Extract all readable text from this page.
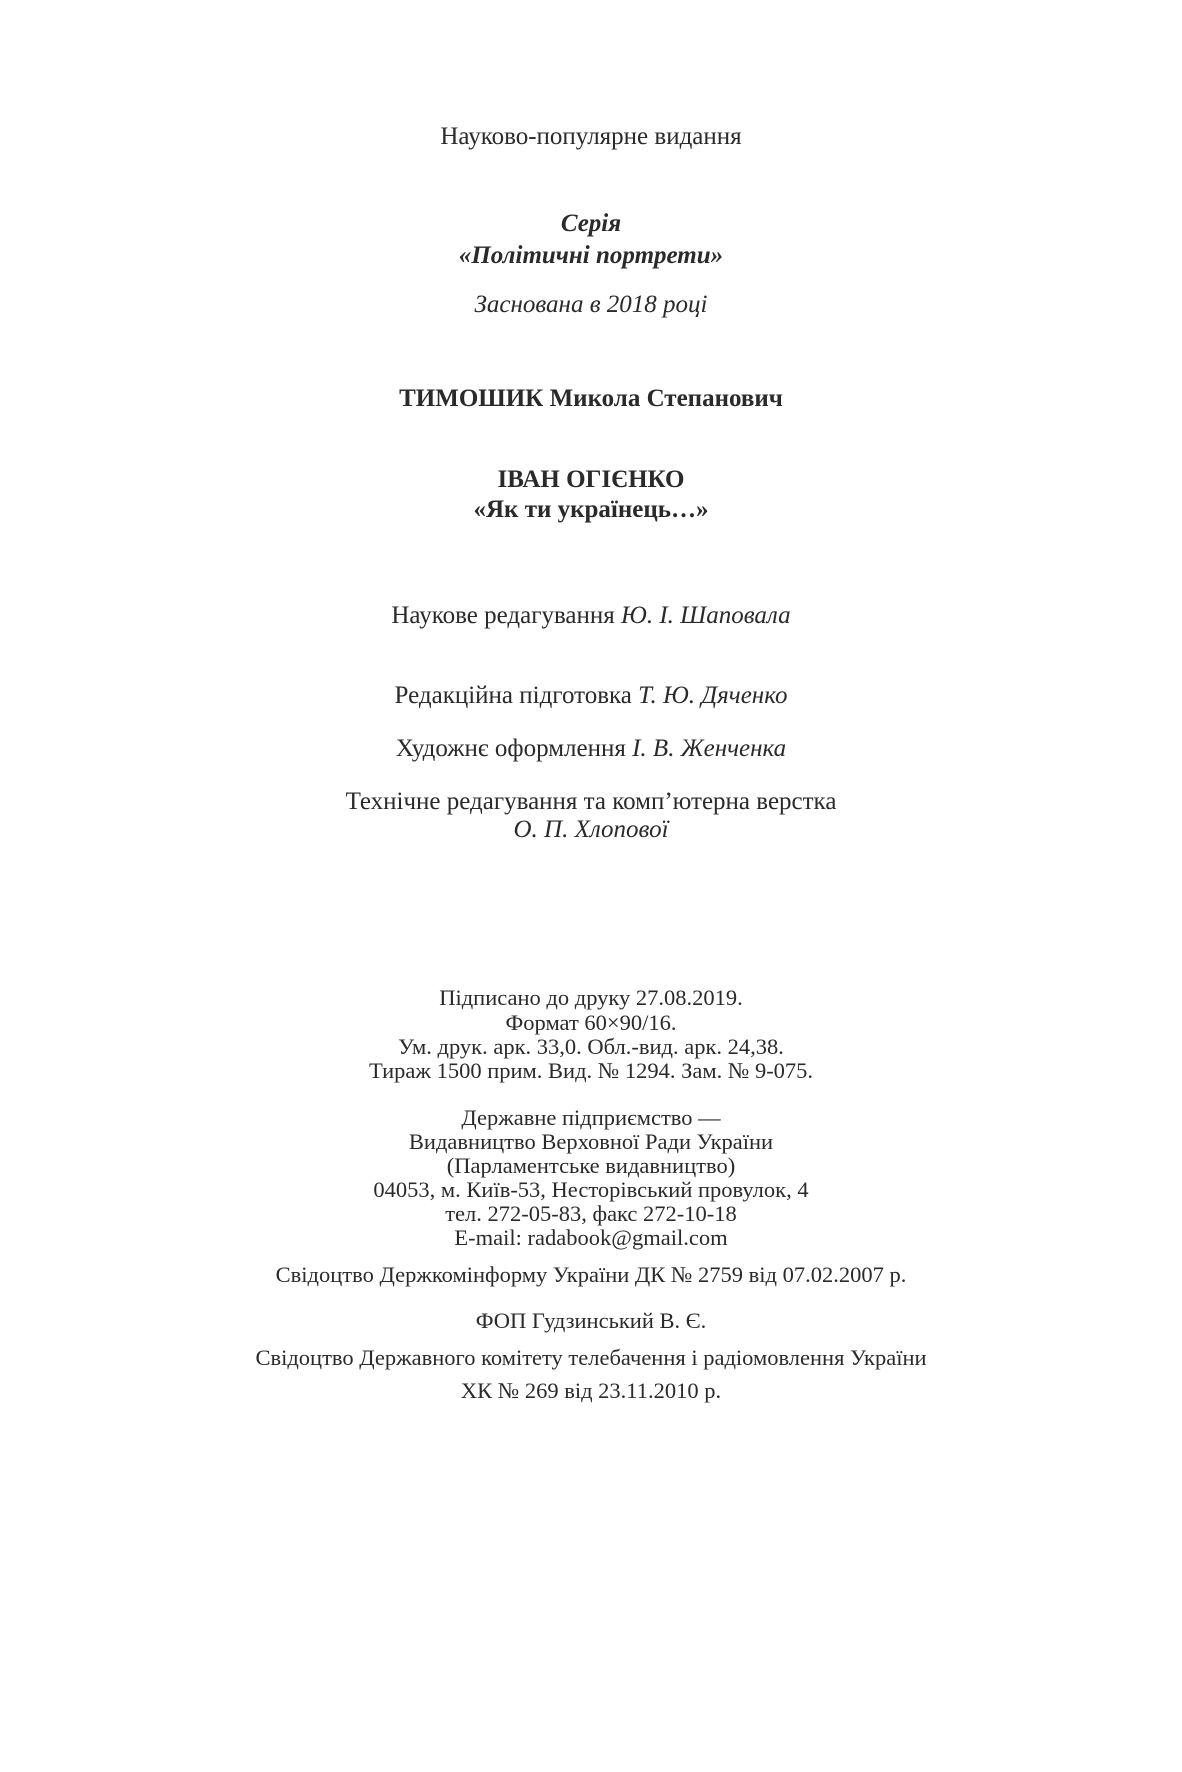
Науково-популярне видання
Серія
«Політичні портрети»
Заснована в 2018 році
ТИМОШИК Микола Степанович
ІВАН ОГІЄНКО
«Як ти українець…»
Наукове редагування Ю. І. Шаповала
Редакційна підготовка Т. Ю. Дяченко
Художнє оформлення І. В. Женченка
Технічне редагування та комп’ютерна верстка
О. П. Хлопової
Підписано до друку 27.08.2019.
Формат 60×90/16.
Ум. друк. арк. 33,0. Обл.-вид. арк. 24,38.
Тираж 1500 прим. Вид. № 1294. Зам. № 9-075.
Державне підприємство —
Видавництво Верховної Ради України
(Парламентське видавництво)
04053, м. Київ-53, Несторівський провулок, 4
тел. 272-05-83, факс 272-10-18
E-mail: radabook@gmail.com
Свідоцтво Держкомінформу України ДК № 2759 від 07.02.2007 р.
ФОП Гудзинський В. Є.
Свідоцтво Державного комітету телебачення і радіомовлення України
ХК № 269 від 23.11.2010 р.
